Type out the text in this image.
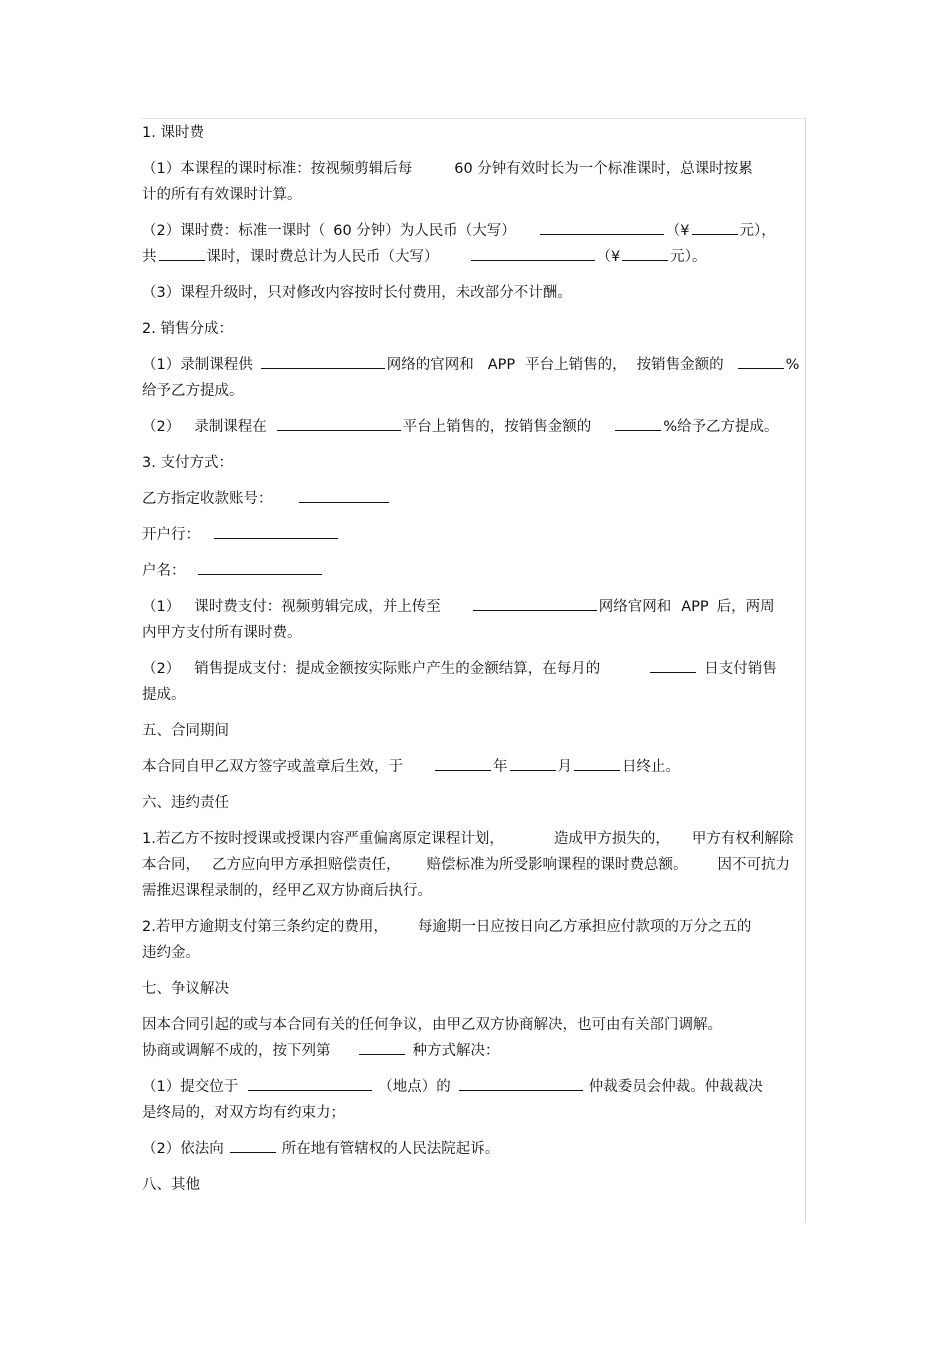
1. 课时费
（1）本课程的课时标准：按视频剪辑后每	60 分钟有效时长为一个标准课时，总课时按累
计的所有有效课时计算。
（2）课时费：标准一课时（ 60 分钟）为人民币（大写）	（¥	元），
共	课时，课时费总计为人民币（大写）	（¥	元）。
（3）课程升级时，只对修改内容按时长付费用，未改部分不计酬。
2. 销售分成：
（1）录制课程供	网络的官网和 APP 平台上销售的， 按销售金额的	%
给予乙方提成。
（2） 录制课程在	平台上销售的，按销售金额的	%给予乙方提成。
3. 支付方式：
乙方指定收款账号：
开户行：
户名：
（1） 课时费支付：视频剪辑完成，并上传至	网络官网和 APP 后，两周
内甲方支付所有课时费。
（2） 销售提成支付：提成金额按实际账户产生的金额结算，在每月的	日支付销售
提成。
五、合同期间
本合同自甲乙双方签字或盖章后生效，于	年	月	日终止。
六、违约责任
1.若乙方不按时授课或授课内容严重偏离原定课程计划，	造成甲方损失的， 甲方有权利解除
本合同， 乙方应向甲方承担赔偿责任， 赔偿标准为所受影响课程的课时费总额。 因不可抗力
需推迟课程录制的，经甲乙双方协商后执行。
2.若甲方逾期支付第三条约定的费用， 每逾期一日应按日向乙方承担应付款项的万分之五的
违约金。
七、争议解决
因本合同引起的或与本合同有关的任何争议，由甲乙双方协商解决，也可由有关部门调解。
协商或调解不成的，按下列第	种方式解决：
（1）提交位于	（地点）的	仲裁委员会仲裁。仲裁裁决
是终局的，对双方均有约束力；
（2）依法向	所在地有管辖权的人民法院起诉。
八、其他
